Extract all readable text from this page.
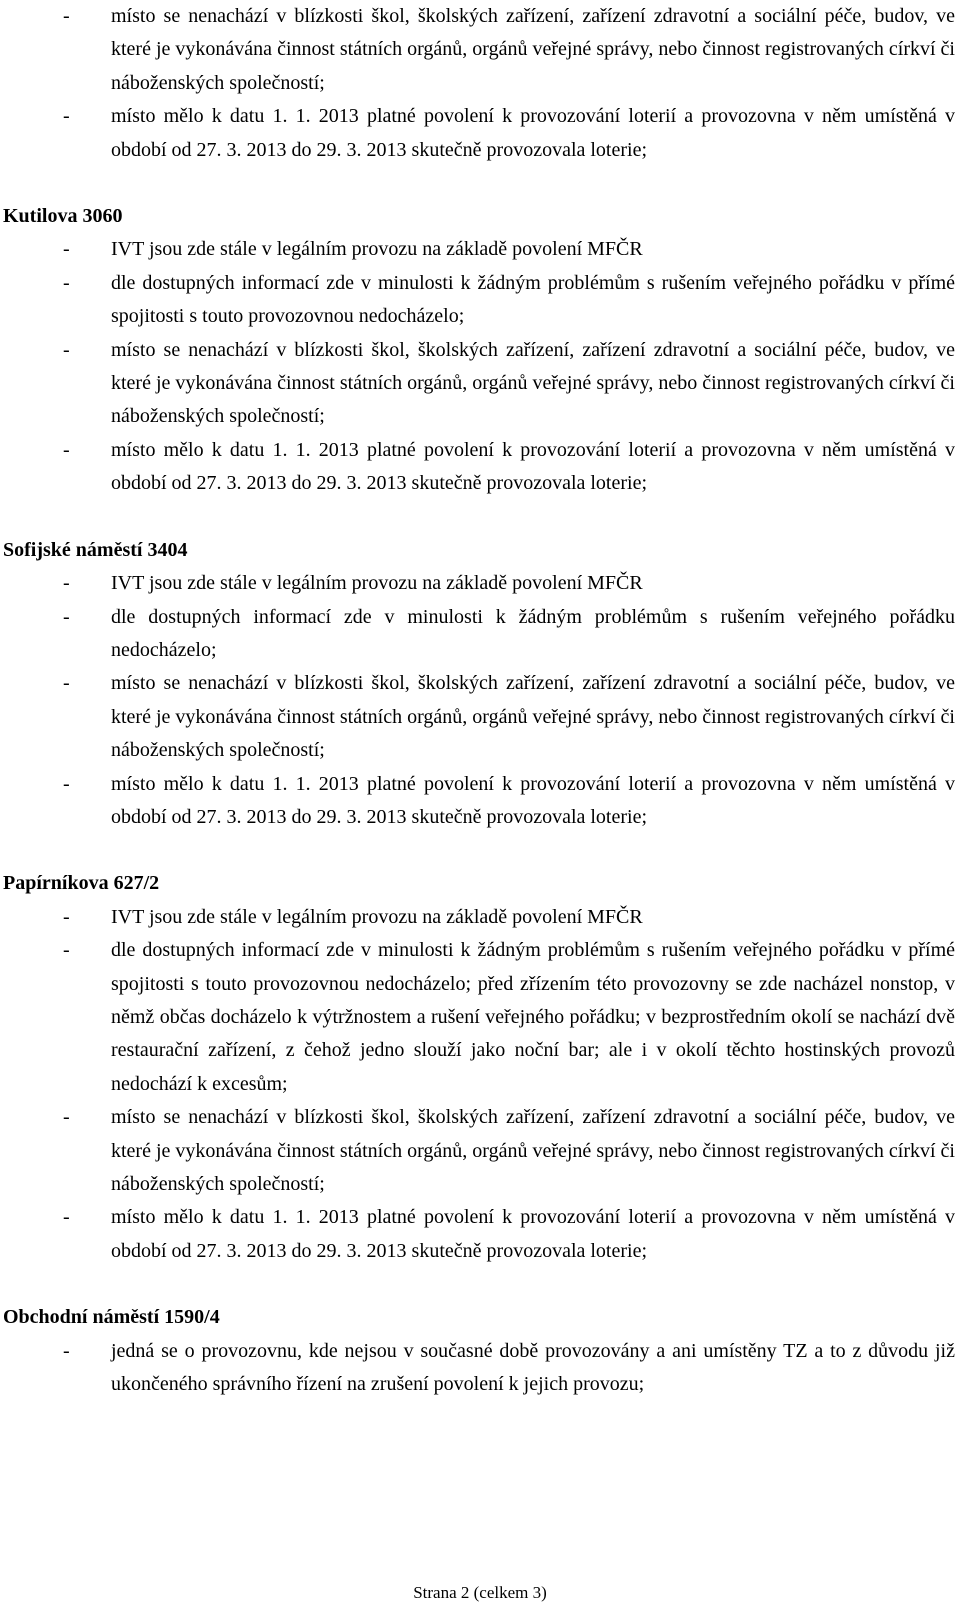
-	místo se nenachází v blízkosti škol, školských zařízení, zařízení zdravotní a sociální péče, budov, ve které je vykonávána činnost státních orgánů, orgánů veřejné správy, nebo činnost registrovaných církví či náboženských společností;
-	místo mělo k datu 1. 1. 2013 platné povolení k provozování loterií a provozovna v něm umístěná v období od 27. 3. 2013 do 29. 3. 2013 skutečně provozovala loterie;

Kutilova 3060

-	IVT jsou zde stále v legálním provozu na základě povolení MFČR
-	dle dostupných informací zde v minulosti k žádným problémům s rušením veřejného pořádku v přímé spojitosti s touto provozovnou nedocházelo;
-	místo se nenachází v blízkosti škol, školských zařízení, zařízení zdravotní a sociální péče, budov, ve které je vykonávána činnost státních orgánů, orgánů veřejné správy, nebo činnost registrovaných církví či náboženských společností;
-	místo mělo k datu 1. 1. 2013 platné povolení k provozování loterií a provozovna v něm umístěná v období od 27. 3. 2013 do 29. 3. 2013 skutečně provozovala loterie;

Sofijské náměstí 3404

-	IVT jsou zde stále v legálním provozu na základě povolení MFČR
-	dle dostupných informací zde v minulosti k žádným problémům s rušením veřejného pořádku nedocházelo;
-	místo se nenachází v blízkosti škol, školských zařízení, zařízení zdravotní a sociální péče, budov, ve které je vykonávána činnost státních orgánů, orgánů veřejné správy, nebo činnost registrovaných církví či náboženských společností;
-	místo mělo k datu 1. 1. 2013 platné povolení k provozování loterií a provozovna v něm umístěná v období od 27. 3. 2013 do 29. 3. 2013 skutečně provozovala loterie;

Papírníkova 627/2

-	IVT jsou zde stále v legálním provozu na základě povolení MFČR
-	dle dostupných informací zde v minulosti k žádným problémům s rušením veřejného pořádku v přímé spojitosti s touto provozovnou nedocházelo; před zřízením této provozovny se zde nacházel nonstop, v němž občas docházelo k výtržnostem a rušení veřejného pořádku; v bezprostředním okolí se nachází dvě restaurační zařízení, z čehož jedno slouží jako noční bar; ale i v okolí těchto hostinských provozů nedochází k excesům;
-	místo se nenachází v blízkosti škol, školských zařízení, zařízení zdravotní a sociální péče, budov, ve které je vykonávána činnost státních orgánů, orgánů veřejné správy, nebo činnost registrovaných církví či náboženských společností;
-	místo mělo k datu 1. 1. 2013 platné povolení k provozování loterií a provozovna v něm umístěná v období od 27. 3. 2013 do 29. 3. 2013 skutečně provozovala loterie;

Obchodní náměstí 1590/4

-	jedná se o provozovnu, kde nejsou v současné době provozovány a ani umístěny TZ a to z důvodu již ukončeného správního řízení na zrušení povolení k jejich provozu;
Strana 2 (celkem 3)
